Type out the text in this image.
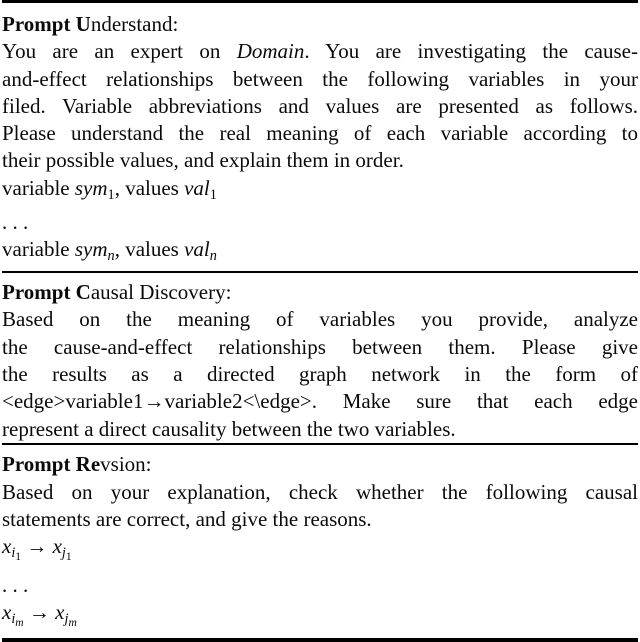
Prompt Understand:
You are an expert on Domain. You are investigating the cause-
and-effect relationships between the following variables in your
filed. Variable abbreviations and values are presented as follows.
Please understand the real meaning of each variable according to
their possible values, and explain them in order.
variable sym$_1$, values val$_1$
. . .
variable symn, values valn
Prompt Causal Discovery:
Based on the meaning of variables you provide, analyze
the cause-and-effect relationships between them. Please give
the results as a directed graph network in the form of
<edge>variable1→variable2<\edge>. Make sure that each edge
represent a direct causality between the two variables.
Prompt Revsion:
Based on your explanation, check whether the following causal
statements are correct, and give the reasons.
$xi_1 \to xj_1$
. . .
$xi_m \to xj_m$
